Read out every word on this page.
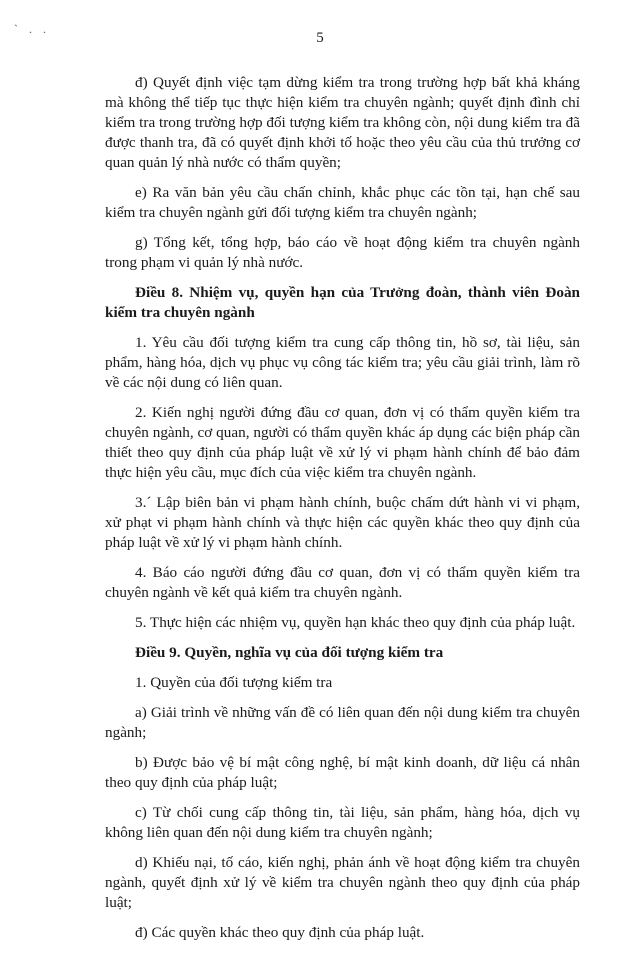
` . .
5

đ) Quyết định việc tạm dừng kiểm tra trong trường hợp bất khả kháng mà không thể tiếp tục thực hiện kiểm tra chuyên ngành; quyết định đình chỉ kiểm tra trong trường hợp đối tượng kiểm tra không còn, nội dung kiểm tra đã được thanh tra, đã có quyết định khởi tố hoặc theo yêu cầu của thủ trưởng cơ quan quản lý nhà nước có thẩm quyền;

e) Ra văn bản yêu cầu chấn chỉnh, khắc phục các tồn tại, hạn chế sau kiểm tra chuyên ngành gửi đối tượng kiểm tra chuyên ngành;

g) Tổng kết, tổng hợp, báo cáo về hoạt động kiểm tra chuyên ngành trong phạm vi quản lý nhà nước.

Điều 8. Nhiệm vụ, quyền hạn của Trưởng đoàn, thành viên Đoàn kiểm tra chuyên ngành

1. Yêu cầu đối tượng kiểm tra cung cấp thông tin, hồ sơ, tài liệu, sản phẩm, hàng hóa, dịch vụ phục vụ công tác kiểm tra; yêu cầu giải trình, làm rõ về các nội dung có liên quan.

2. Kiến nghị người đứng đầu cơ quan, đơn vị có thẩm quyền kiểm tra chuyên ngành, cơ quan, người có thẩm quyền khác áp dụng các biện pháp cần thiết theo quy định của pháp luật về xử lý vi phạm hành chính để bảo đảm thực hiện yêu cầu, mục đích của việc kiểm tra chuyên ngành.

3.´ Lập biên bản vi phạm hành chính, buộc chấm dứt hành vi vi phạm, xử phạt vi phạm hành chính và thực hiện các quyền khác theo quy định của pháp luật về xử lý vi phạm hành chính.

4. Báo cáo người đứng đầu cơ quan, đơn vị có thẩm quyền kiểm tra chuyên ngành về kết quả kiểm tra chuyên ngành.

5. Thực hiện các nhiệm vụ, quyền hạn khác theo quy định của pháp luật.

Điều 9. Quyền, nghĩa vụ của đối tượng kiểm tra

1. Quyền của đối tượng kiểm tra

a) Giải trình về những vấn đề có liên quan đến nội dung kiểm tra chuyên ngành;

b) Được bảo vệ bí mật công nghệ, bí mật kinh doanh, dữ liệu cá nhân theo quy định của pháp luật;

c) Từ chối cung cấp thông tin, tài liệu, sản phẩm, hàng hóa, dịch vụ không liên quan đến nội dung kiểm tra chuyên ngành;

d) Khiếu nại, tố cáo, kiến nghị, phản ánh về hoạt động kiểm tra chuyên ngành, quyết định xử lý về kiểm tra chuyên ngành theo quy định của pháp luật;

đ) Các quyền khác theo quy định của pháp luật.
